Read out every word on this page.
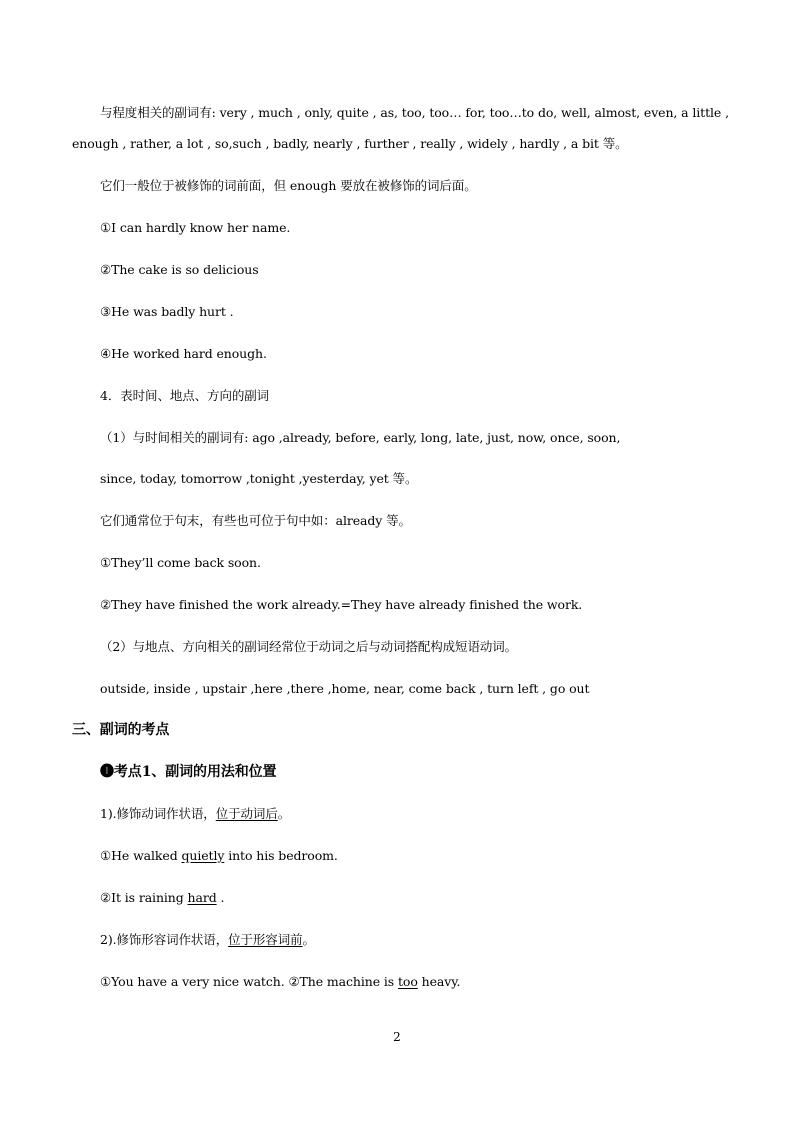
与程度相关的副词有: very , much , only, quite , as, too, too… for, too…to do, well, almost, even, a little ,
enough , rather, a lot , so,such , badly, nearly , further , really , widely , hardly , a bit 等。
它们一般位于被修饰的词前面，但 enough 要放在被修饰的词后面。
①I can hardly know her name.
②The cake is so delicious
③He was badly hurt .
④He worked hard enough.
4．表时间、地点、方向的副词
（1）与时间相关的副词有: ago ,already, before, early, long, late, just, now, once, soon,
since, today, tomorrow ,tonight ,yesterday, yet 等。
它们通常位于句末，有些也可位于句中如：already 等。
①They’ll come back soon.
②They have finished the work already.=They have already finished the work.
（2）与地点、方向相关的副词经常位于动词之后与动词搭配构成短语动词。
outside, inside , upstair ,here ,there ,home, near, come back , turn left , go out
三、副词的考点
❶考点1、副词的用法和位置
1).修饰动词作状语，位于动词后。
①He walked quietly into his bedroom.
②It is raining hard .
2).修饰形容词作状语，位于形容词前。
①You have a very nice watch. ②The machine is too heavy.
2
